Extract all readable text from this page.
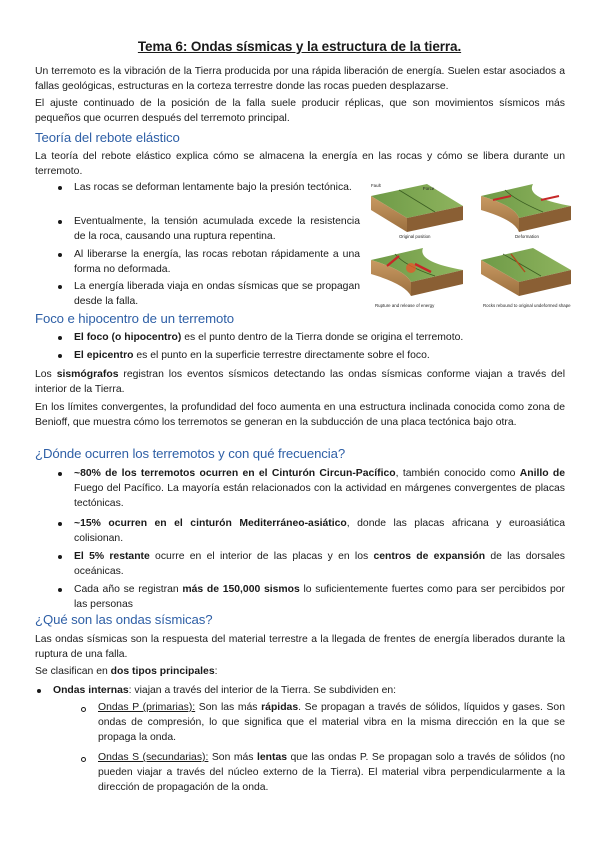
Tema 6: Ondas sísmicas y la estructura de la tierra.

Un terremoto es la vibración de la Tierra producida por una rápida liberación de energía. Suelen estar asociados a fallas geológicas, estructuras en la corteza terrestre donde las rocas pueden desplazarse.

El ajuste continuado de la posición de la falla suele producir réplicas, que son movimientos sísmicos más pequeños que ocurren después del terremoto principal.

Teoría del rebote elástico

La teoría del rebote elástico explica cómo se almacena la energía en las rocas y cómo se libera durante un terremoto.

Las rocas se deforman lentamente bajo la presión tectónica.

Eventualmente, la tensión acumulada excede la resistencia de la roca, causando una ruptura repentina.

Al liberarse la energía, las rocas rebotan rápidamente a una forma no deformada.

La energía liberada viaja en ondas sísmicas que se propagan desde la falla.

Fault
Force
Original position	Deformation
Rupture and release of energy	Rocks rebound to original undeformed shape
Foco e hipocentro de un terremoto

El foco (o hipocentro) es el punto dentro de la Tierra donde se origina el terremoto.

El epicentro es el punto en la superficie terrestre directamente sobre el foco.

Los sismógrafos registran los eventos sísmicos detectando las ondas sísmicas conforme viajan a través del interior de la Tierra.

En los límites convergentes, la profundidad del foco aumenta en una estructura inclinada conocida como zona de Benioff, que muestra cómo los terremotos se generan en la subducción de una placa tectónica bajo otra.

¿Dónde ocurren los terremotos y con qué frecuencia?

~80% de los terremotos ocurren en el Cinturón Circun-Pacífico, también conocido como Anillo de Fuego del Pacífico. La mayoría están relacionados con la actividad en márgenes convergentes de placas tectónicas.

~15% ocurren en el cinturón Mediterráneo-asiático, donde las placas africana y euroasiática colisionan.

El 5% restante ocurre en el interior de las placas y en los centros de expansión de las dorsales oceánicas.

Cada año se registran más de 150,000 sismos lo suficientemente fuertes como para ser percibidos por las personas

¿Qué son las ondas sísmicas?

Las ondas sísmicas son la respuesta del material terrestre a la llegada de frentes de energía liberados durante la ruptura de una falla.

Se clasifican en dos tipos principales:

Ondas internas: viajan a través del interior de la Tierra. Se subdividen en:

Ondas P (primarias): Son las más rápidas. Se propagan a través de sólidos, líquidos y gases. Son ondas de compresión, lo que significa que el material vibra en la misma dirección en la que se propaga la onda.

Ondas S (secundarias): Son más lentas que las ondas P. Se propagan solo a través de sólidos (no pueden viajar a través del núcleo externo de la Tierra). El material vibra perpendicularmente a la dirección de propagación de la onda.
